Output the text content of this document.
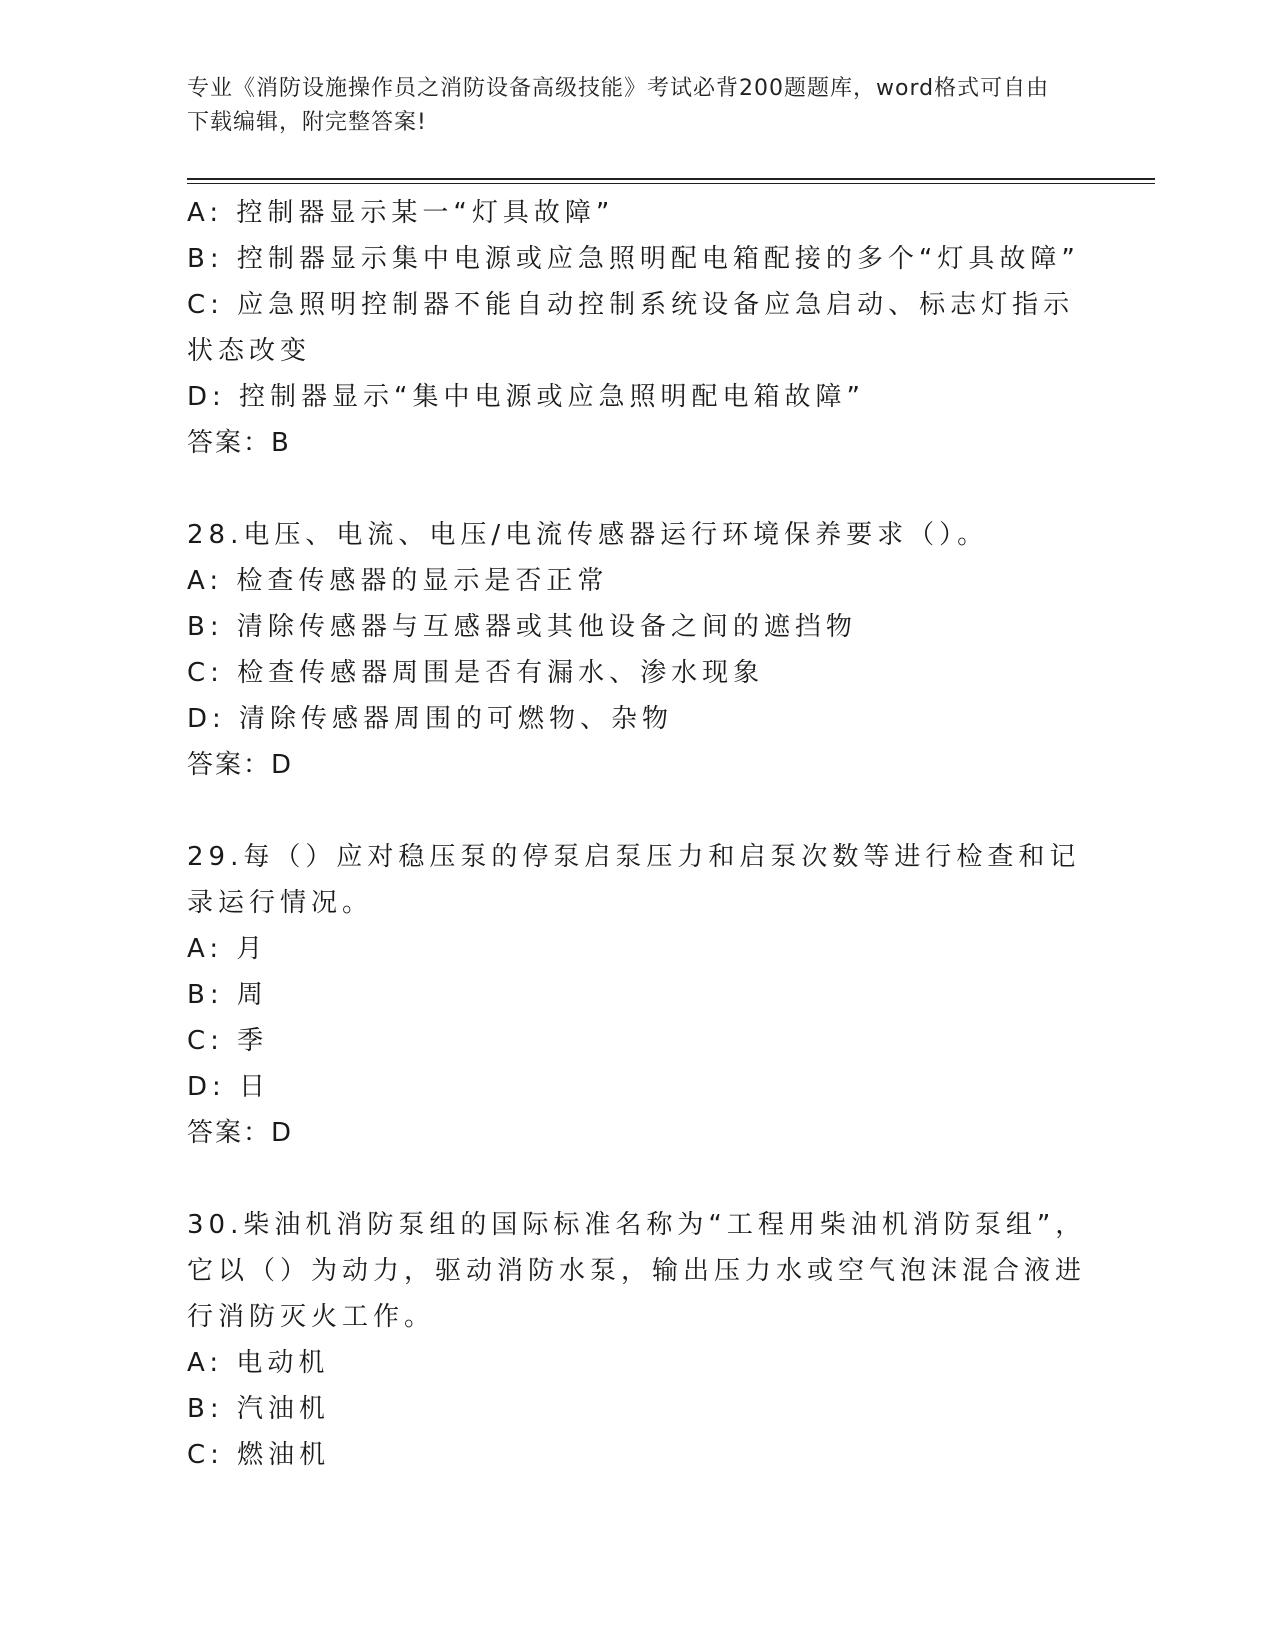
专业《消防设施操作员之消防设备高级技能》考试必背200题题库，word格式可自由下载编辑，附完整答案!

A: 控制器显示某一“灯具故障”

B: 控制器显示集中电源或应急照明配电箱配接的多个“灯具故障”

C: 应急照明控制器不能自动控制系统设备应急启动、标志灯指示状态改变

D: 控制器显示“集中电源或应急照明配电箱故障”

答案：B

28.电压、电流、电压/电流传感器运行环境保养要求（）。

A: 检查传感器的显示是否正常

B: 清除传感器与互感器或其他设备之间的遮挡物

C: 检查传感器周围是否有漏水、渗水现象

D: 清除传感器周围的可燃物、杂物

答案：D

29.每（）应对稳压泵的停泵启泵压力和启泵次数等进行检查和记录运行情况。

A: 月

B: 周

C: 季

D: 日

答案：D

30.柴油机消防泵组的国际标准名称为“工程用柴油机消防泵组”，它以（）为动力，驱动消防水泵，输出压力水或空气泡沫混合液进行消防灭火工作。

A: 电动机

B: 汽油机

C: 燃油机
